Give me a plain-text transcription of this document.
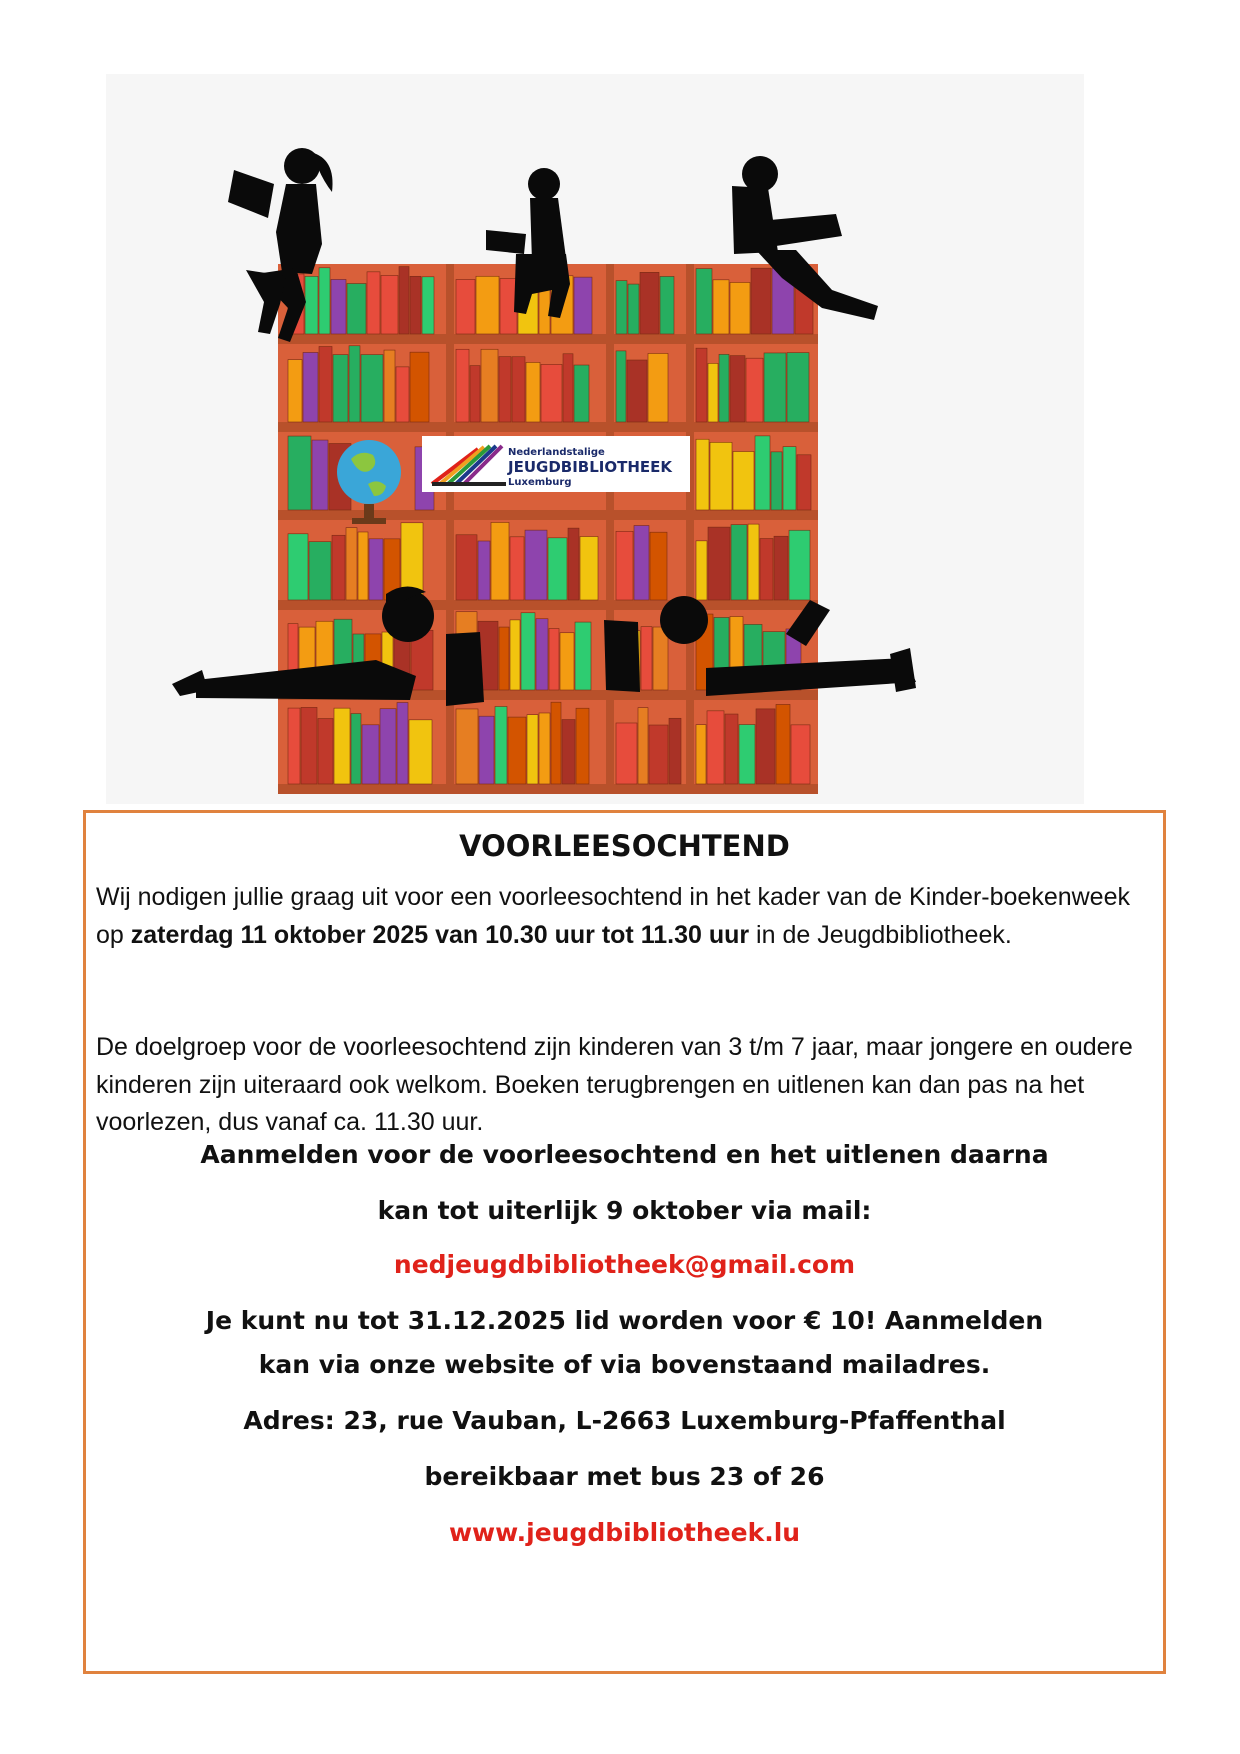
Nederlandstalige
JEUGDBIBLIOTHEEK
Luxemburg
VOORLEESOCHTEND

Wij nodigen jullie graag uit voor een voorleesochtend in het kader van de Kinder-boekenweek op zaterdag 11 oktober 2025 van 10.30 uur tot 11.30 uur in de Jeugdbibliotheek.

De doelgroep voor de voorleesochtend zijn kinderen van 3 t/m 7 jaar, maar jongere en oudere kinderen zijn uiteraard ook welkom. Boeken terugbrengen en uitlenen kan dan pas na het voorlezen, dus vanaf ca. 11.30 uur.

Aanmelden voor de voorleesochtend en het uitlenen daarna
kan tot uiterlijk 9 oktober via mail:
nedjeugdbibliotheek@gmail.com
Je kunt nu tot 31.12.2025 lid worden voor € 10! Aanmelden
kan via onze website of via bovenstaand mailadres.
Adres: 23, rue Vauban, L-2663 Luxemburg-Pfaffenthal
bereikbaar met bus 23 of 26
www.jeugdbibliotheek.lu
